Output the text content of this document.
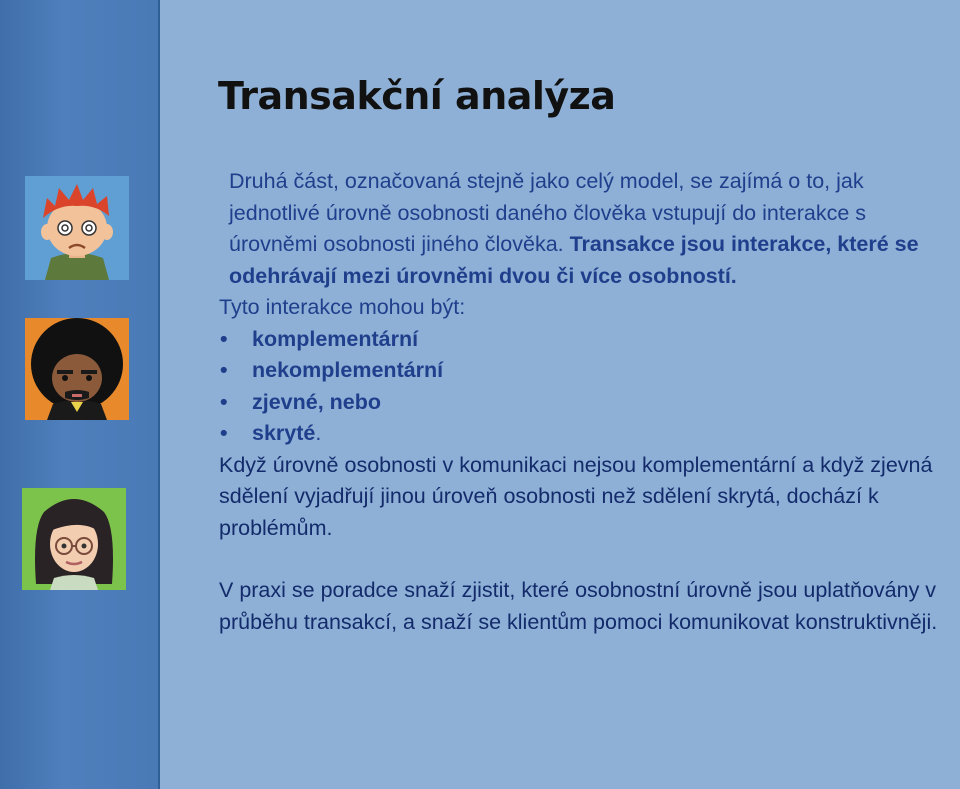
Transakční analýza

Druhá část, označovaná stejně jako celý model, se zajímá o to, jak jednotlivé úrovně osobnosti daného člověka vstupují do interakce s úrovněmi osobnosti jiného člověka. Transakce jsou interakce, které se odehrávají mezi úrovněmi dvou či více osobností.

Tyto interakce mohou být:

• komplementární
• nekomplementární
• zjevné, nebo
• skryté.

Když úrovně osobnosti v komunikaci nejsou komplementární a když zjevná sdělení vyjadřují jinou úroveň osobnosti než sdělení skrytá, dochází k problémům.

V praxi se poradce snaží zjistit, které osobnostní úrovně jsou uplatňovány v průběhu transakcí, a snaží se klientům pomoci komunikovat konstruktivněji.
